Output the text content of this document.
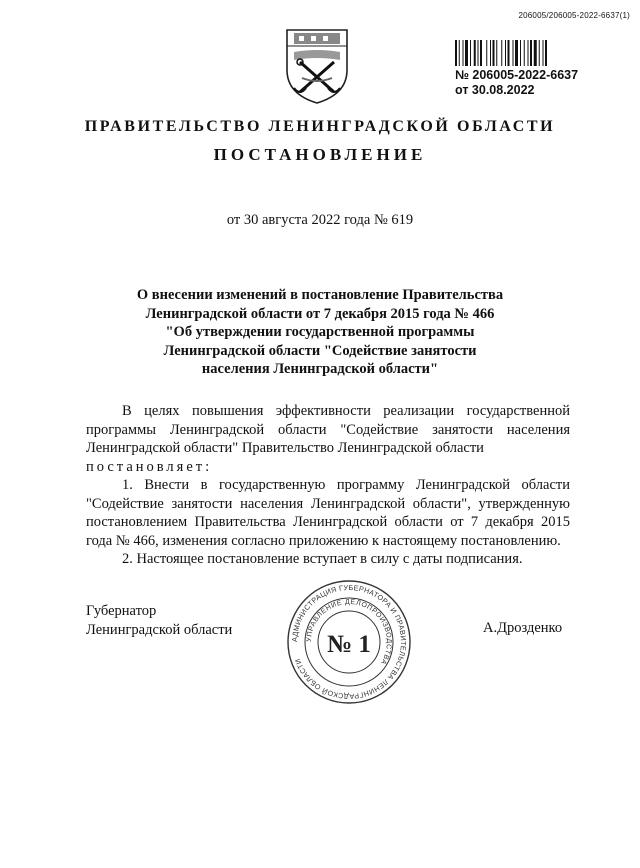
206005/206005-2022-6637(1)
№ 206005-2022-6637
от 30.08.2022
ПРАВИТЕЛЬСТВО ЛЕНИНГРАДСКОЙ ОБЛАСТИ
ПОСТАНОВЛЕНИЕ
от 30 августа 2022 года № 619
О внесении изменений в постановление Правительства
Ленинградской области от 7 декабря 2015 года № 466
"Об утверждении государственной программы
Ленинградской области "Содействие занятости
населения Ленинградской области"

В целях повышения эффективности реализации государственной программы Ленинградской области "Содействие занятости населения Ленинградской области" Правительство Ленинградской области

постановляет:

1. Внести в государственную программу Ленинградской области "Содействие занятости населения Ленинградской области", утвержденную постановлением Правительства Ленинградской области от 7 декабря 2015 года № 466, изменения согласно приложению к настоящему постановлению.

2. Настоящее постановление вступает в силу с даты подписания.

Губернатор
Ленинградской области	А.Дрозденко
АДМИНИСТРАЦИЯ ГУБЕРНАТОРА И ПРАВИТЕЛЬСТВА ЛЕНИНГРАДСКОЙ ОБЛАСТИ
УПРАВЛЕНИЕ ДЕЛОПРОИЗВОДСТВА
№ 1
